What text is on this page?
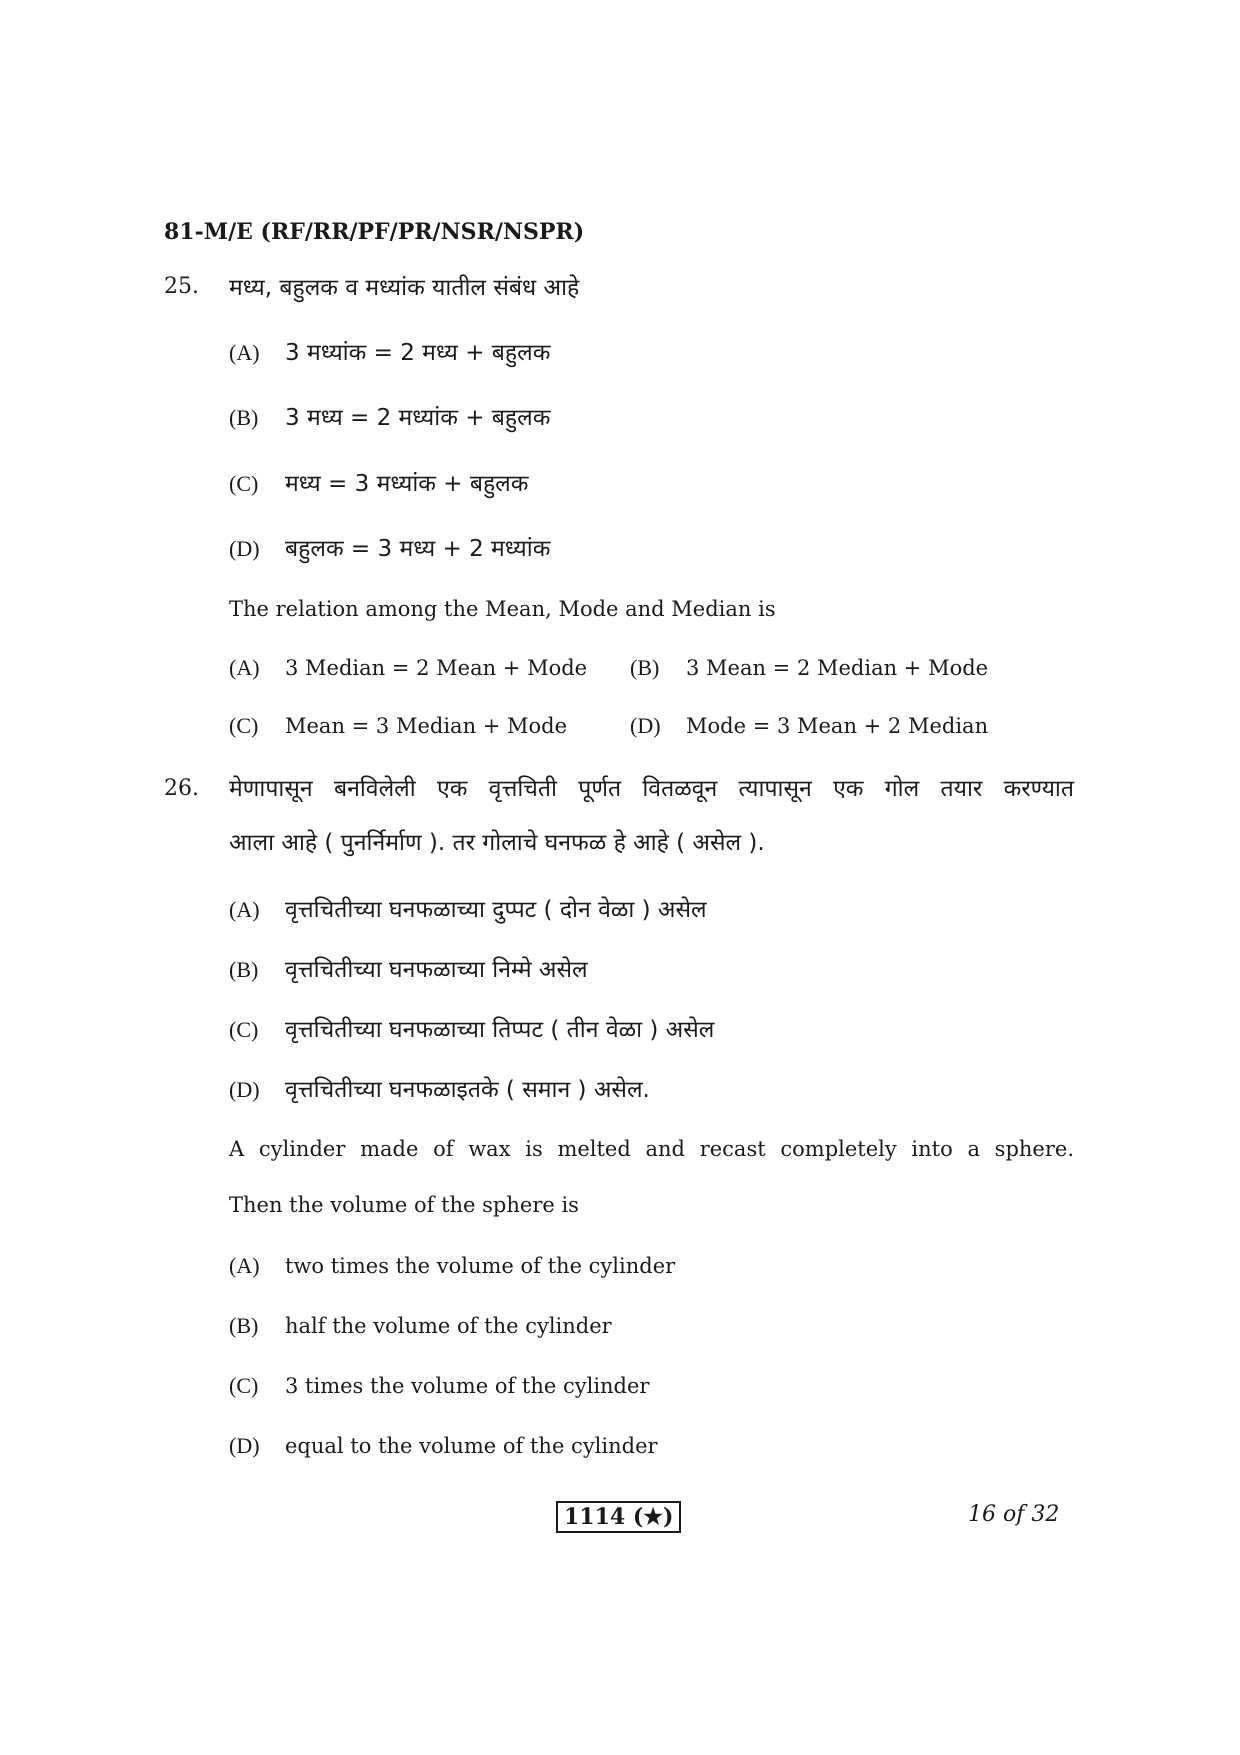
81-M/E (RF/RR/PF/PR/NSR/NSPR)
25. मध्य, बहुलक व मध्यांक यातील संबंध आहे
(A) 3 मध्यांक = 2 मध्य + बहुलक
(B) 3 मध्य = 2 मध्यांक + बहुलक
(C) मध्य = 3 मध्यांक + बहुलक
(D) बहुलक = 3 मध्य + 2 मध्यांक
The relation among the Mean, Mode and Median is
(A) 3 Median = 2 Mean + Mode (B) 3 Mean = 2 Median + Mode
(C) Mean = 3 Median + Mode	(D) Mode = 3 Mean + 2 Median
26. मेणापासून बनविलेली एक वृत्तचिती पूर्णत वितळवून त्यापासून एक गोल तयार करण्यात
आला आहे ( पुनर्निर्माण ). तर गोलाचे घनफळ हे आहे ( असेल ).
(A) वृत्तचितीच्या घनफळाच्या दुप्पट ( दोन वेळा ) असेल
(B) वृत्तचितीच्या घनफळाच्या निम्मे असेल
(C) वृत्तचितीच्या घनफळाच्या तिप्पट ( तीन वेळा ) असेल
(D) वृत्तचितीच्या घनफळाइतके ( समान ) असेल.
A cylinder made of wax is melted and recast completely into a sphere.
Then the volume of the sphere is
(A) two times the volume of the cylinder
(B) half the volume of the cylinder
(C) 3 times the volume of the cylinder
(D) equal to the volume of the cylinder
1114 (★)	16 of 32
